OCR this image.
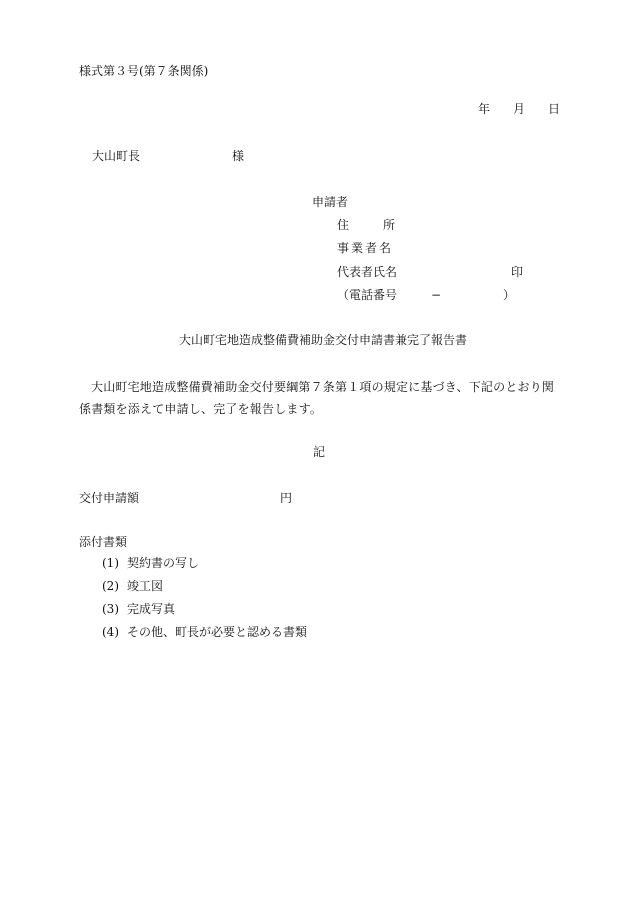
様式第３号(第７条関係)
年 月 日
大山町長	様
申請者
住	所
事業者名
代表者氏名	印
（電話番号	−	）
大山町宅地造成整備費補助金交付申請書兼完了報告書
大山町宅地造成整備費補助金交付要綱第７条第１項の規定に基づき、下記のとおり関係書類を添えて申請し、完了を報告します。
記
交付申請額	円
添付書類
(1) 契約書の写し
(2) 竣工図
(3) 完成写真
(4) その他、町長が必要と認める書類
